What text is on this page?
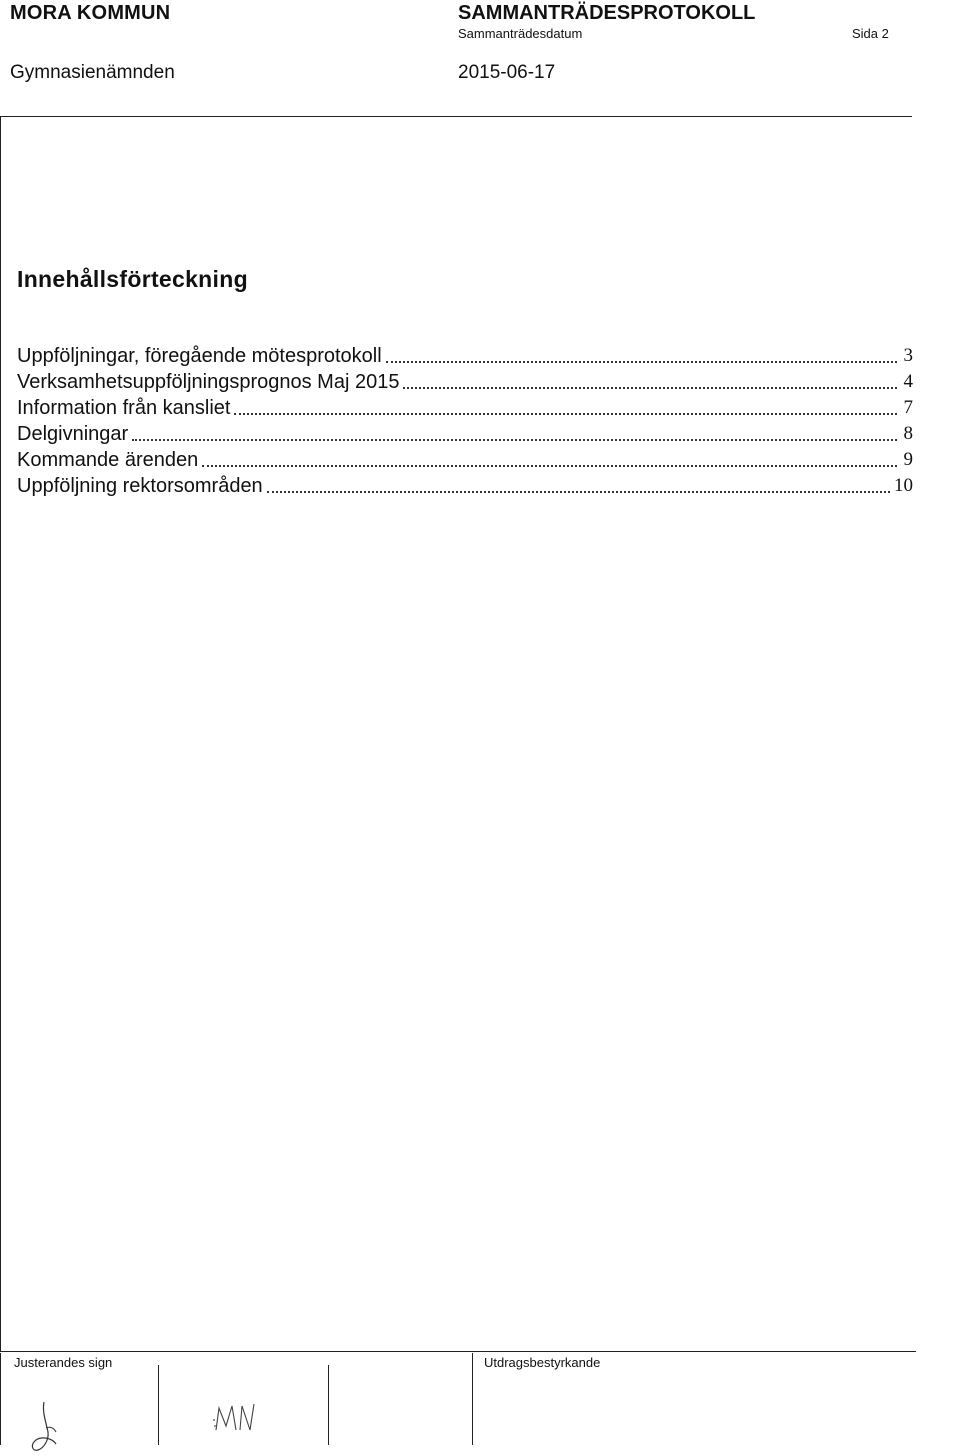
MORA KOMMUN	SAMMANTRÄDESPROTOKOLL
Sammanträdesdatum	Sida 2
Gymnasienämnden	2015-06-17
Innehållsförteckning
Uppföljningar, föregående mötesprotokoll	3
Verksamhetsuppföljningsprognos Maj 2015	4
Information från kansliet	7
Delgivningar	8
Kommande ärenden	9
Uppföljning rektorsområden	10
Justerandes sign	Utdragsbestyrkande
